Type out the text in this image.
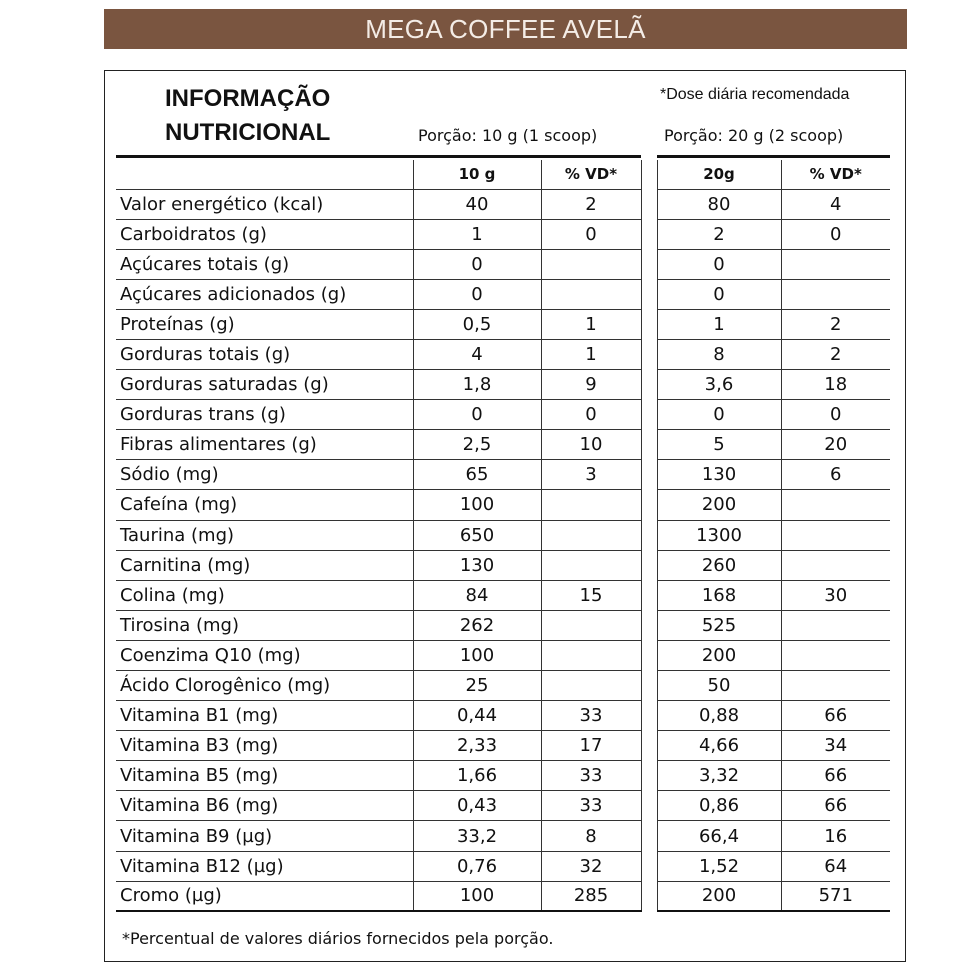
MEGA COFFEE AVELÃ
INFORMAÇÃO
NUTRICIONAL
*Dose diária recomendada
Porção: 10 g (1 scoop)	Porção: 20 g (2 scoop)
	10 g	% VD*		20g	% VD*
Valor energético (kcal)	40	2		80	4
Carboidratos (g)	1	0		2	0
Açúcares totais (g)	0			0	
Açúcares adicionados (g)	0			0	
Proteínas (g)	0,5	1		1	2
Gorduras totais (g)	4	1		8	2
Gorduras saturadas (g)	1,8	9		3,6	18
Gorduras trans (g)	0	0		0	0
Fibras alimentares (g)	2,5	10		5	20
Sódio (mg)	65	3		130	6
Cafeína (mg)	100			200	
Taurina (mg)	650			1300	
Carnitina (mg)	130			260	
Colina (mg)	84	15		168	30
Tirosina (mg)	262			525	
Coenzima Q10 (mg)	100			200	
Ácido Clorogênico (mg)	25			50	
Vitamina B1 (mg)	0,44	33		0,88	66
Vitamina B3 (mg)	2,33	17		4,66	34
Vitamina B5 (mg)	1,66	33		3,32	66
Vitamina B6 (mg)	0,43	33		0,86	66
Vitamina B9 (µg)	33,2	8		66,4	16
Vitamina B12 (µg)	0,76	32		1,52	64
Cromo (µg)	100	285		200	571
*Percentual de valores diários fornecidos pela porção.
